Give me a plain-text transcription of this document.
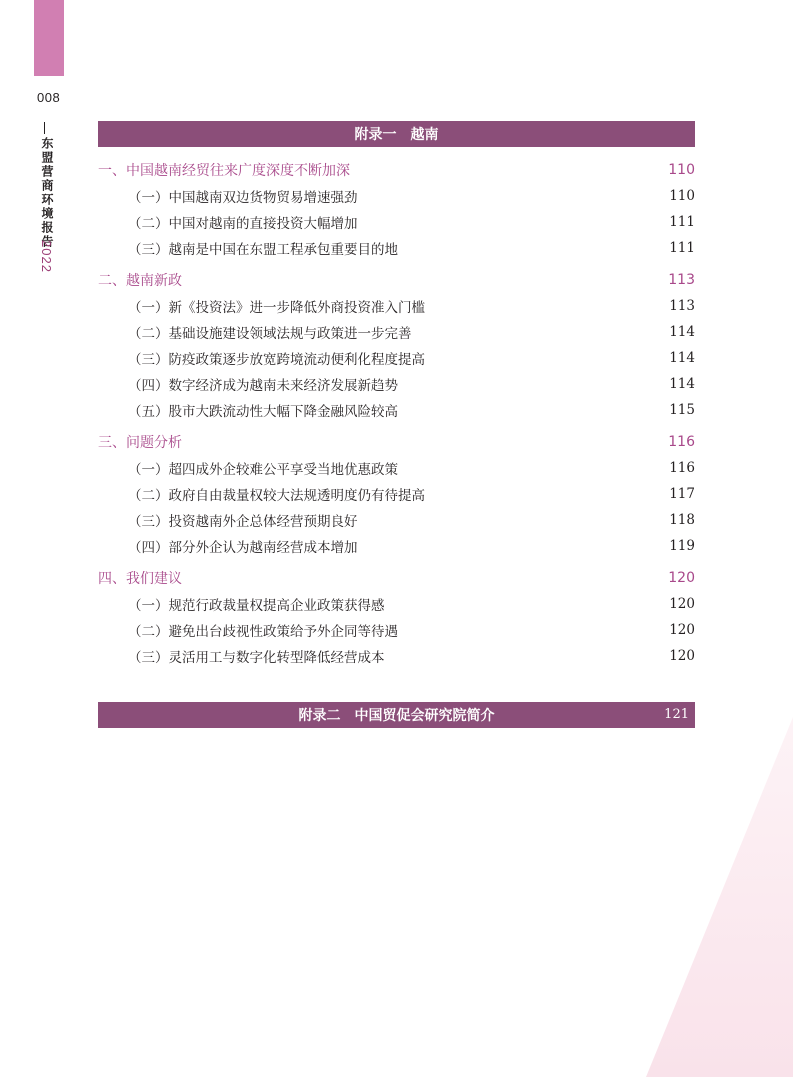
008
东盟营商环境报告
2022
附录一　越南
一、中国越南经贸往来广度深度不断加深	110
（一）中国越南双边货物贸易增速强劲	110
（二）中国对越南的直接投资大幅增加	111
（三）越南是中国在东盟工程承包重要目的地	111
二、越南新政	113
（一）新《投资法》进一步降低外商投资准入门槛	113
（二）基础设施建设领域法规与政策进一步完善	114
（三）防疫政策逐步放宽跨境流动便利化程度提高	114
（四）数字经济成为越南未来经济发展新趋势	114
（五）股市大跌流动性大幅下降金融风险较高	115
三、问题分析	116
（一）超四成外企较难公平享受当地优惠政策	116
（二）政府自由裁量权较大法规透明度仍有待提高	117
（三）投资越南外企总体经营预期良好	118
（四）部分外企认为越南经营成本增加	119
四、我们建议	120
（一）规范行政裁量权提高企业政策获得感	120
（二）避免出台歧视性政策给予外企同等待遇	120
（三）灵活用工与数字化转型降低经营成本	120
附录二　中国贸促会研究院简介	121
